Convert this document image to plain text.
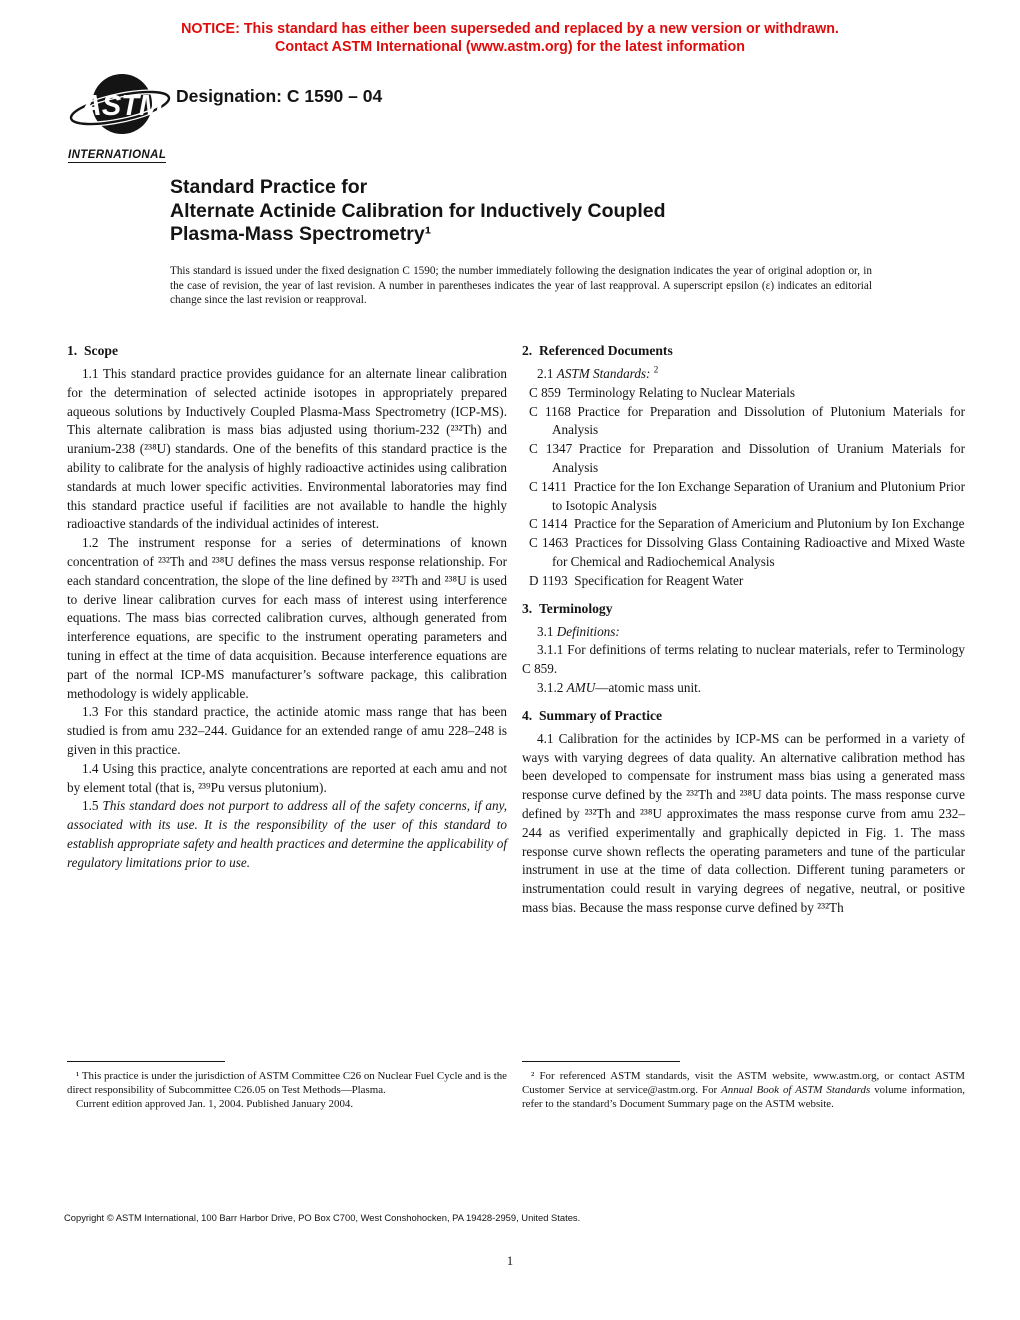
NOTICE: This standard has either been superseded and replaced by a new version or withdrawn.
Contact ASTM International (www.astm.org) for the latest information
ASTM
INTERNATIONAL
Designation: C 1590 – 04
Standard Practice for
Alternate Actinide Calibration for Inductively Coupled
Plasma-Mass Spectrometry¹
This standard is issued under the fixed designation C 1590; the number immediately following the designation indicates the year of original adoption or, in the case of revision, the year of last revision. A number in parentheses indicates the year of last reapproval. A superscript epsilon (ε) indicates an editorial change since the last revision or reapproval.
1. Scope

1.1 This standard practice provides guidance for an alternate linear calibration for the determination of selected actinide isotopes in appropriately prepared aqueous solutions by Inductively Coupled Plasma-Mass Spectrometry (ICP-MS). This alternate calibration is mass bias adjusted using thorium-232 (²³²Th) and uranium-238 (²³⁸U) standards. One of the benefits of this standard practice is the ability to calibrate for the analysis of highly radioactive actinides using calibration standards at much lower specific activities. Environmental laboratories may find this standard practice useful if facilities are not available to handle the highly radioactive standards of the individual actinides of interest.

1.2 The instrument response for a series of determinations of known concentration of ²³²Th and ²³⁸U defines the mass versus response relationship. For each standard concentration, the slope of the line defined by ²³²Th and ²³⁸U is used to derive linear calibration curves for each mass of interest using interference equations. The mass bias corrected calibration curves, although generated from interference equations, are specific to the instrument operating parameters and tuning in effect at the time of data acquisition. Because interference equations are part of the normal ICP-MS manufacturer’s software package, this calibration methodology is widely applicable.

1.3 For this standard practice, the actinide atomic mass range that has been studied is from amu 232–244. Guidance for an extended range of amu 228–248 is given in this practice.

1.4 Using this practice, analyte concentrations are reported at each amu and not by element total (that is, ²³⁹Pu versus plutonium).

1.5 This standard does not purport to address all of the safety concerns, if any, associated with its use. It is the responsibility of the user of this standard to establish appropriate safety and health practices and determine the applicability of regulatory limitations prior to use.

2. Referenced Documents

2.1 ASTM Standards: $^2$

C 859 Terminology Relating to Nuclear Materials
C 1168 Practice for Preparation and Dissolution of Plutonium Materials for Analysis
C 1347 Practice for Preparation and Dissolution of Uranium Materials for Analysis
C 1411 Practice for the Ion Exchange Separation of Uranium and Plutonium Prior to Isotopic Analysis
C 1414 Practice for the Separation of Americium and Plutonium by Ion Exchange
C 1463 Practices for Dissolving Glass Containing Radioactive and Mixed Waste for Chemical and Radiochemical Analysis
D 1193 Specification for Reagent Water
3. Terminology

3.1 Definitions:

3.1.1 For definitions of terms relating to nuclear materials, refer to Terminology C 859.

3.1.2 AMU—atomic mass unit.

4. Summary of Practice

4.1 Calibration for the actinides by ICP-MS can be performed in a variety of ways with varying degrees of data quality. An alternative calibration method has been developed to compensate for instrument mass bias using a generated mass response curve defined by the ²³²Th and ²³⁸U data points. The mass response curve defined by ²³²Th and ²³⁸U approximates the mass response curve from amu 232–244 as verified experimentally and graphically depicted in Fig. 1. The mass response curve shown reflects the operating parameters and tune of the particular instrument in use at the time of data collection. Different tuning parameters or instrumentation could result in varying degrees of negative, neutral, or positive mass bias. Because the mass response curve defined by ²³²Th

¹ This practice is under the jurisdiction of ASTM Committee C26 on Nuclear Fuel Cycle and is the direct responsibility of Subcommittee C26.05 on Test Methods—Plasma.

Current edition approved Jan. 1, 2004. Published January 2004.

² For referenced ASTM standards, visit the ASTM website, www.astm.org, or contact ASTM Customer Service at service@astm.org. For Annual Book of ASTM Standards volume information, refer to the standard’s Document Summary page on the ASTM website.

Copyright © ASTM International, 100 Barr Harbor Drive, PO Box C700, West Conshohocken, PA 19428-2959, United States.
1
